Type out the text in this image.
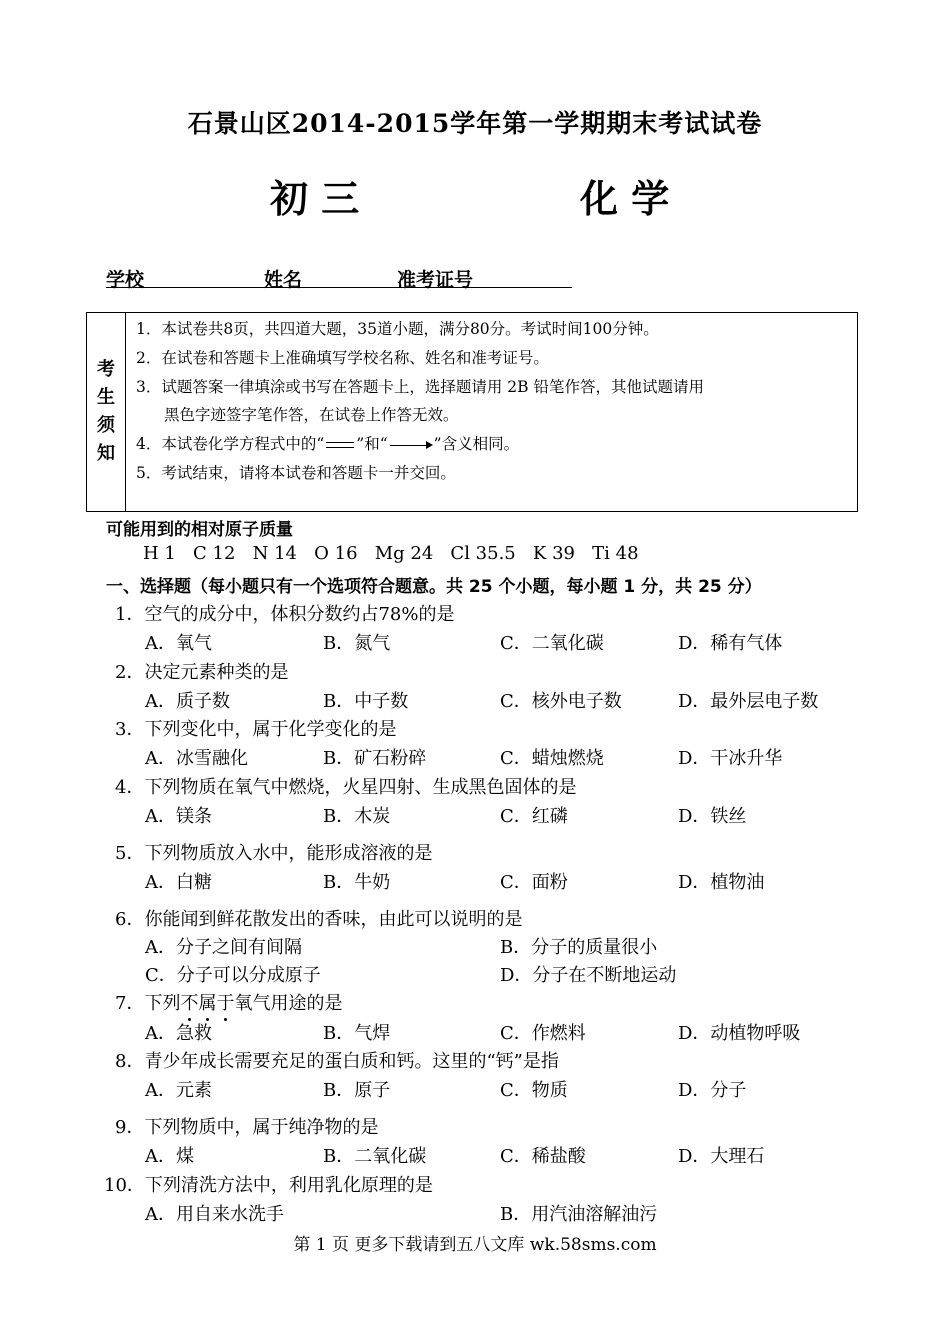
石景山区2014-2015学年第一学期期末考试试卷
初 三	化 学
学校	姓名	准考证号
考
生
须
知
1．本试卷共8页，共四道大题，35道小题，满分80分。考试时间100分钟。
2．在试卷和答题卡上准确填写学校名称、姓名和准考证号。
3．试题答案一律填涂或书写在答题卡上，选择题请用 2B 铅笔作答，其他试题请用
黑色字迹签字笔作答，在试卷上作答无效。
4．本试卷化学方程式中的“ ”和“	”含义相同。
5．考试结束，请将本试卷和答题卡一并交回。
可能用到的相对原子质量
H 1   C 12   N 14   O 16   Mg 24   Cl 35.5   K 39   Ti 48
一、选择题（每小题只有一个选项符合题意。共 25 个小题，每小题 1 分，共 25 分）
1．空气的成分中，体积分数约占78%的是
A．氧气	B．氮气	C．二氧化碳	D．稀有气体
2．决定元素种类的是
A．质子数	B．中子数	C．核外电子数	D．最外层电子数
3．下列变化中，属于化学变化的是
A．冰雪融化	B．矿石粉碎	C．蜡烛燃烧	D．干冰升华
4．下列物质在氧气中燃烧，火星四射、生成黑色固体的是
A．镁条	B．木炭	C．红磷	D．铁丝
5．下列物质放入水中，能形成溶液的是
A．白糖	B．牛奶	C．面粉	D．植物油
6．你能闻到鲜花散发出的香味，由此可以说明的是
A．分子之间有间隔	B．分子的质量很小
C．分子可以分成原子	D．分子在不断地运动
7．下列不
属
于
氧气用途的是
A．急救	B．气焊	C．作燃料	D．动植物呼吸
8．青少年成长需要充足的蛋白质和钙。这里的“钙”是指
A．元素	B．原子	C．物质	D．分子
9．下列物质中，属于纯净物的是
A．煤	B．二氧化碳	C．稀盐酸	D．大理石
10．下列清洗方法中，利用乳化原理的是
A．用自来水洗手	B．用汽油溶解油污
第 1 页 更多下载请到五八文库 wk.58sms.com
